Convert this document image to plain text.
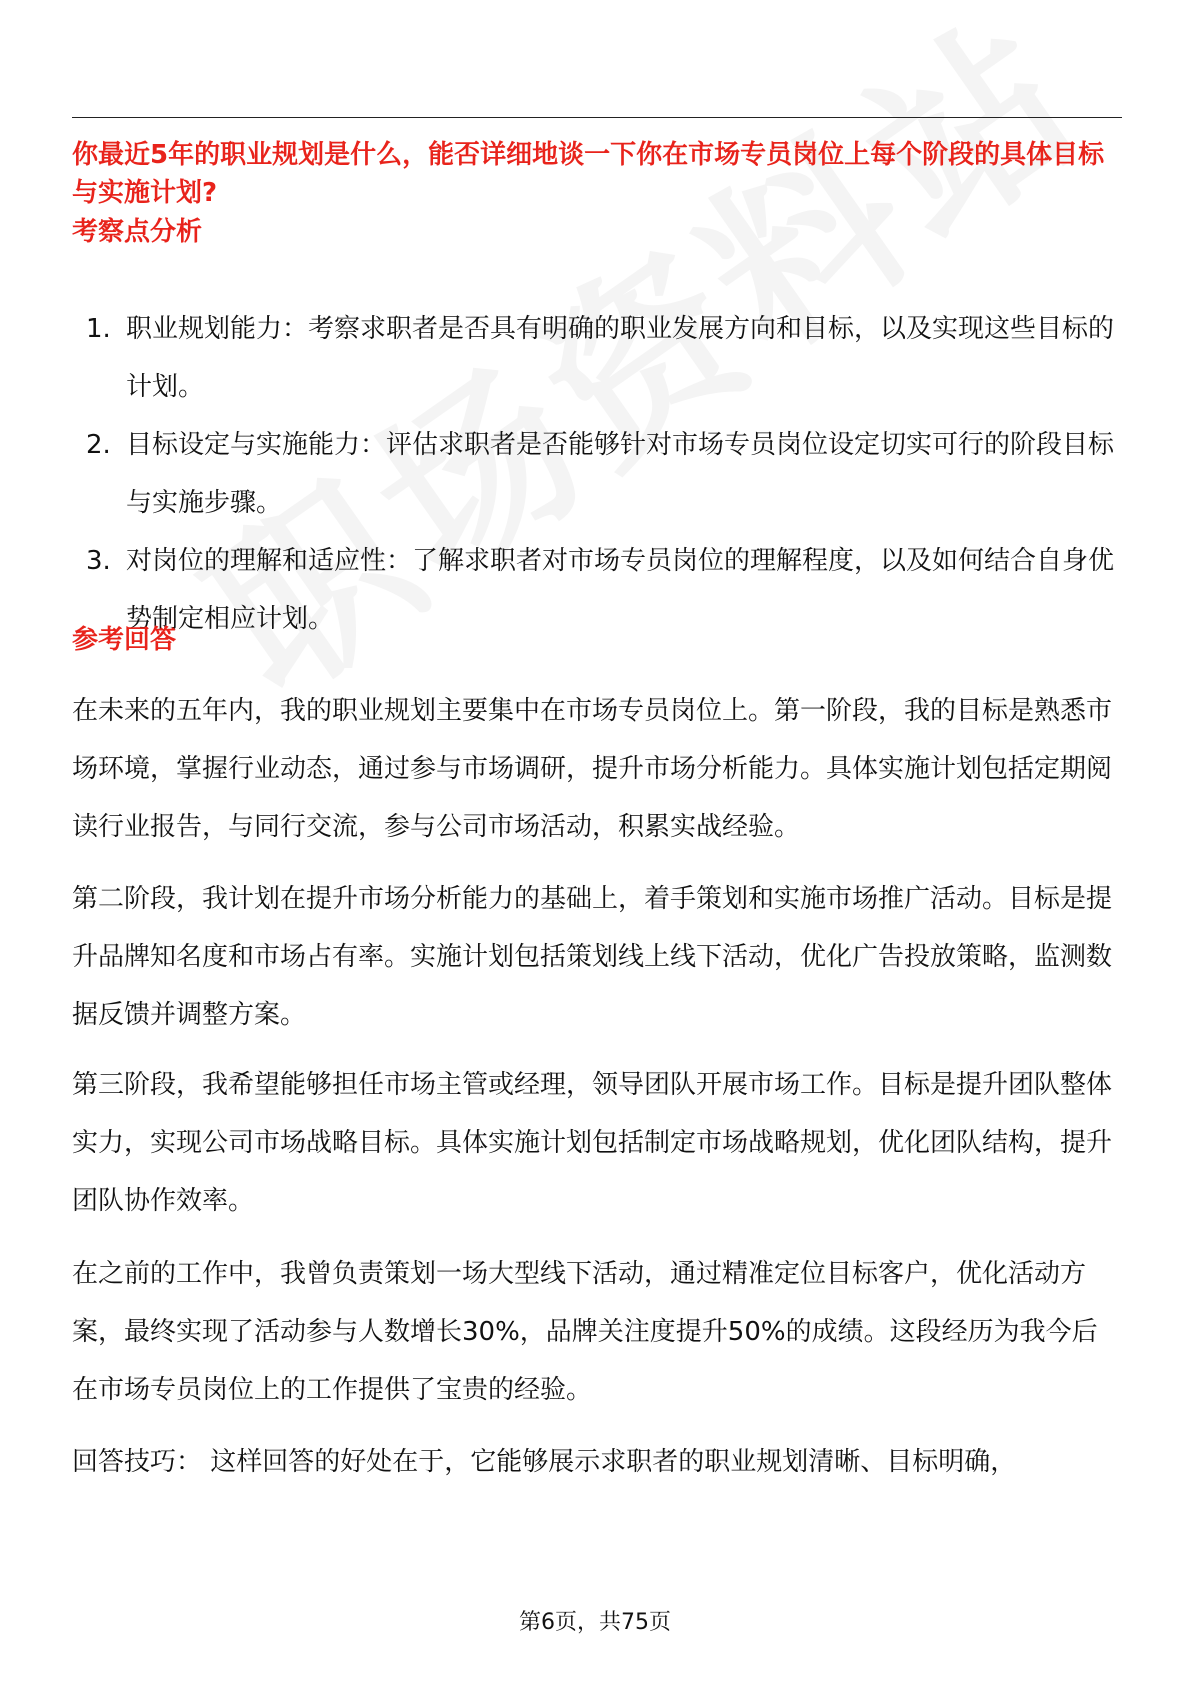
你最近5年的职业规划是什么，能否详细地谈一下你在市场专员岗位上每个阶段的具体目标与实施计划?
考察点分析
1. 职业规划能力：考察求职者是否具有明确的职业发展方向和目标，以及实现这些目标的计划。
2. 目标设定与实施能力：评估求职者是否能够针对市场专员岗位设定切实可行的阶段目标与实施步骤。
3. 对岗位的理解和适应性：了解求职者对市场专员岗位的理解程度，以及如何结合自身优势制定相应计划。
参考回答

在未来的五年内，我的职业规划主要集中在市场专员岗位上。第一阶段，我的目标是熟悉市场环境，掌握行业动态，通过参与市场调研，提升市场分析能力。具体实施计划包括定期阅读行业报告，与同行交流，参与公司市场活动，积累实战经验。

第二阶段，我计划在提升市场分析能力的基础上，着手策划和实施市场推广活动。目标是提升品牌知名度和市场占有率。实施计划包括策划线上线下活动，优化广告投放策略，监测数据反馈并调整方案。

第三阶段，我希望能够担任市场主管或经理，领导团队开展市场工作。目标是提升团队整体实力，实现公司市场战略目标。具体实施计划包括制定市场战略规划，优化团队结构，提升团队协作效率。

在之前的工作中，我曾负责策划一场大型线下活动，通过精准定位目标客户，优化活动方案，最终实现了活动参与人数增长30%，品牌关注度提升50%的成绩。这段经历为我今后在市场专员岗位上的工作提供了宝贵的经验。

回答技巧： 这样回答的好处在于，它能够展示求职者的职业规划清晰、目标明确，

第6页，共75页
